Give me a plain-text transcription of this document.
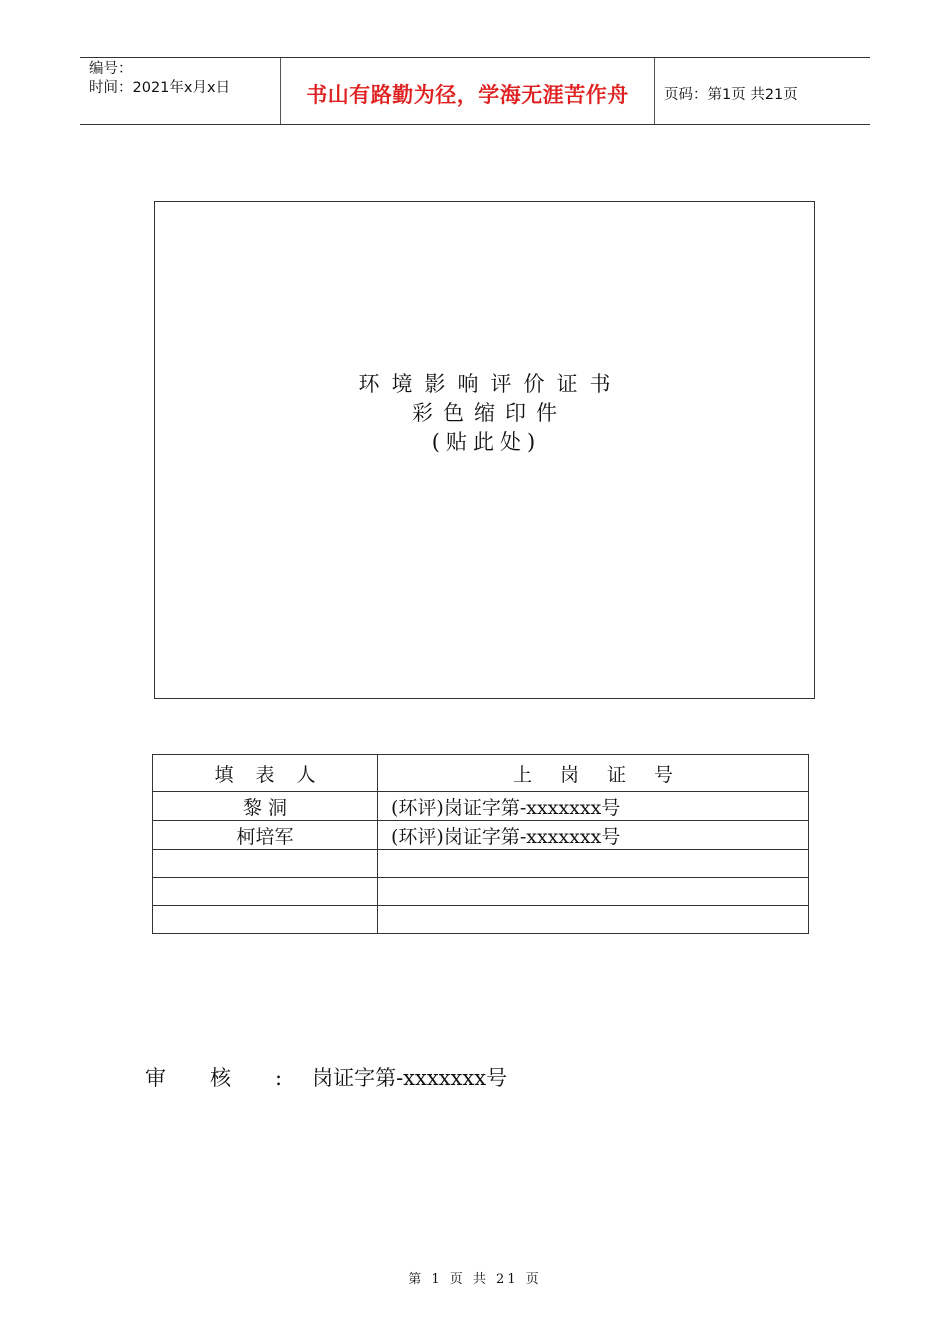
编号：
时间：2021年x月x日	书山有路勤为径，学海无涯苦作舟	页码：第1页 共21页
环境影响评价证书
彩色缩印件
(贴此处)
填表人	上岗证号
黎 洞	(环评)岗证字第-xxxxxxx号
柯培军	(环评)岗证字第-xxxxxxx号

审核:岗证字第-xxxxxxx号
第 1 页 共 21 页
